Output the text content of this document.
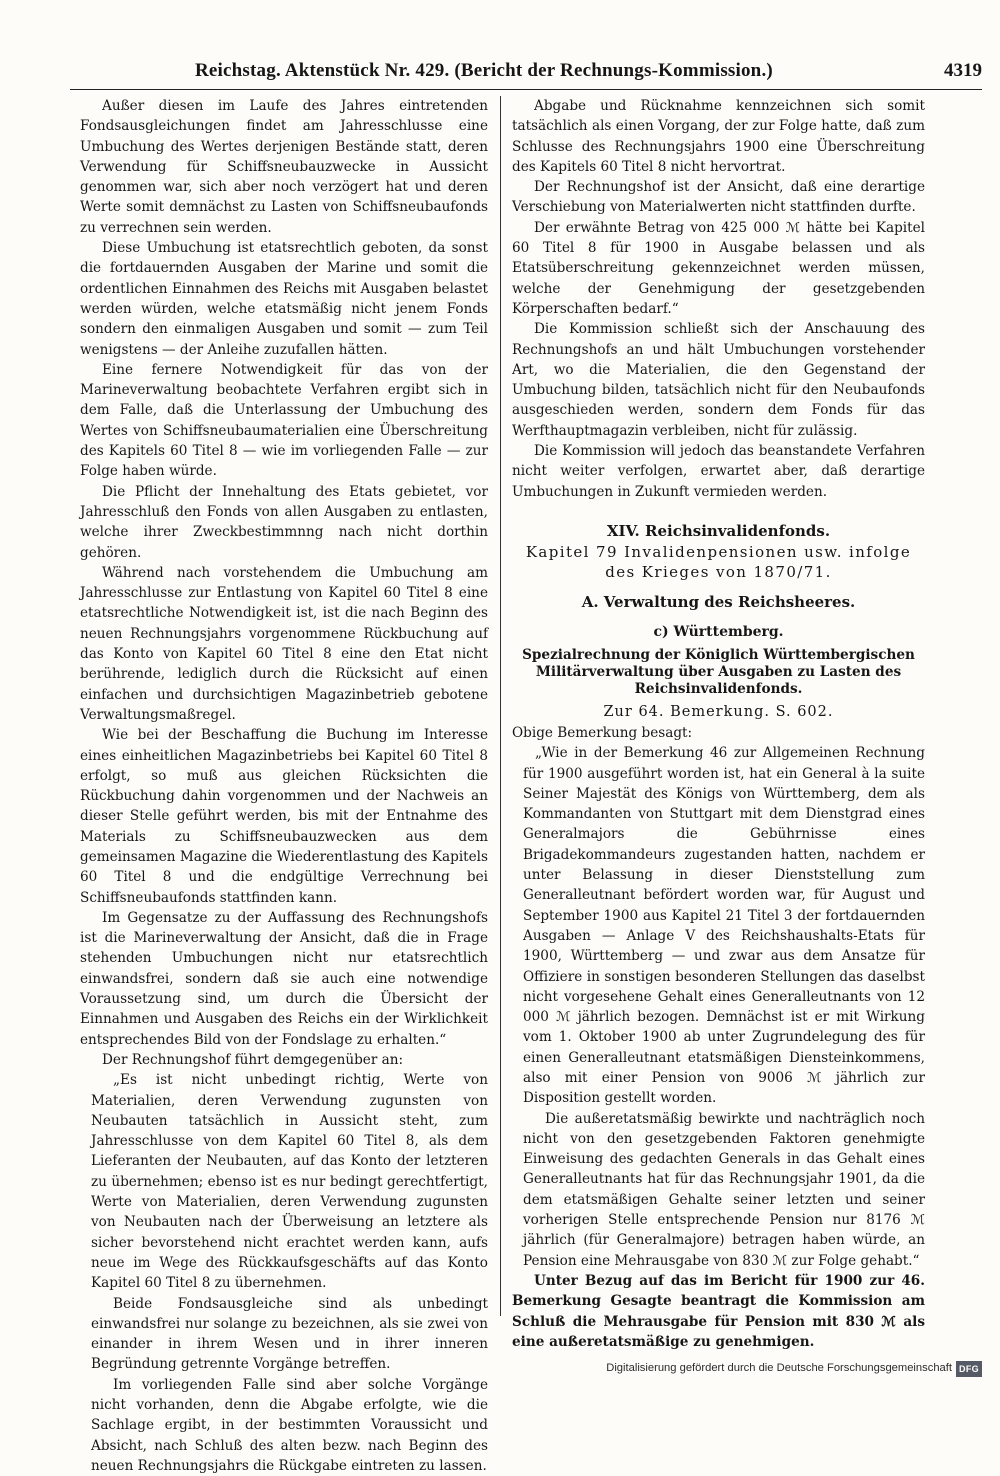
Reichstag. Aktenstück Nr. 429. (Bericht der Rechnungs-Kommission.)	4319

Außer diesen im Laufe des Jahres eintretenden Fondsausgleichungen findet am Jahresschlusse eine Umbuchung des Wertes derjenigen Bestände statt, deren Verwendung für Schiffsneubauzwecke in Aussicht genommen war, sich aber noch verzögert hat und deren Werte somit demnächst zu Lasten von Schiffsneubaufonds zu verrechnen sein werden.

Diese Umbuchung ist etatsrechtlich geboten, da sonst die fortdauernden Ausgaben der Marine und somit die ordentlichen Einnahmen des Reichs mit Ausgaben belastet werden würden, welche etatsmäßig nicht jenem Fonds sondern den einmaligen Ausgaben und somit — zum Teil wenigstens — der Anleihe zuzufallen hätten.

Eine fernere Notwendigkeit für das von der Marineverwaltung beobachtete Verfahren ergibt sich in dem Falle, daß die Unterlassung der Umbuchung des Wertes von Schiffsneubaumaterialien eine Überschreitung des Kapitels 60 Titel 8 — wie im vorliegenden Falle — zur Folge haben würde.

Die Pflicht der Innehaltung des Etats gebietet, vor Jahresschluß den Fonds von allen Ausgaben zu entlasten, welche ihrer Zweckbestimmnng nach nicht dorthin gehören.

Während nach vorstehendem die Umbuchung am Jahresschlusse zur Entlastung von Kapitel 60 Titel 8 eine etatsrechtliche Notwendigkeit ist, ist die nach Beginn des neuen Rechnungsjahrs vorgenommene Rückbuchung auf das Konto von Kapitel 60 Titel 8 eine den Etat nicht berührende, lediglich durch die Rücksicht auf einen einfachen und durchsichtigen Magazinbetrieb gebotene Verwaltungsmaßregel.

Wie bei der Beschaffung die Buchung im Interesse eines einheitlichen Magazinbetriebs bei Kapitel 60 Titel 8 erfolgt, so muß aus gleichen Rücksichten die Rückbuchung dahin vorgenommen und der Nachweis an dieser Stelle geführt werden, bis mit der Entnahme des Materials zu Schiffsneubauzwecken aus dem gemeinsamen Magazine die Wiederentlastung des Kapitels 60 Titel 8 und die endgültige Verrechnung bei Schiffsneubaufonds stattfinden kann.

Im Gegensatze zu der Auffassung des Rechnungshofs ist die Marineverwaltung der Ansicht, daß die in Frage stehenden Umbuchungen nicht nur etatsrechtlich einwandsfrei, sondern daß sie auch eine notwendige Voraussetzung sind, um durch die Übersicht der Einnahmen und Ausgaben des Reichs ein der Wirklichkeit entsprechendes Bild von der Fondslage zu erhalten.“

Der Rechnungshof führt demgegenüber an:

„Es ist nicht unbedingt richtig, Werte von Materialien, deren Verwendung zugunsten von Neubauten tatsächlich in Aussicht steht, zum Jahresschlusse von dem Kapitel 60 Titel 8, als dem Lieferanten der Neubauten, auf das Konto der letzteren zu übernehmen; ebenso ist es nur bedingt gerechtfertigt, Werte von Materialien, deren Verwendung zugunsten von Neubauten nach der Überweisung an letztere als sicher bevorstehend nicht erachtet werden kann, aufs neue im Wege des Rückkaufsgeschäfts auf das Konto Kapitel 60 Titel 8 zu übernehmen.

Beide Fondsausgleiche sind als unbedingt einwandsfrei nur solange zu bezeichnen, als sie zwei von einander in ihrem Wesen und in ihrer inneren Begründung getrennte Vorgänge betreffen.

Im vorliegenden Falle sind aber solche Vorgänge nicht vorhanden, denn die Abgabe erfolgte, wie die Sachlage ergibt, in der bestimmten Voraussicht und Absicht, nach Schluß des alten bezw. nach Beginn des neuen Rechnungsjahrs die Rückgabe eintreten zu lassen.

Abgabe und Rücknahme kennzeichnen sich somit tatsächlich als einen Vorgang, der zur Folge hatte, daß zum Schlusse des Rechnungsjahrs 1900 eine Überschreitung des Kapitels 60 Titel 8 nicht hervortrat.

Der Rechnungshof ist der Ansicht, daß eine derartige Verschiebung von Materialwerten nicht stattfinden durfte.

Der erwähnte Betrag von 425 000 ℳ hätte bei Kapitel 60 Titel 8 für 1900 in Ausgabe belassen und als Etatsüberschreitung gekennzeichnet werden müssen, welche der Genehmigung der gesetzgebenden Körperschaften bedarf.“

Die Kommission schließt sich der Anschauung des Rechnungshofs an und hält Umbuchungen vorstehender Art, wo die Materialien, die den Gegenstand der Umbuchung bilden, tatsächlich nicht für den Neubaufonds ausgeschieden werden, sondern dem Fonds für das Werfthauptmagazin verbleiben, nicht für zulässig.

Die Kommission will jedoch das beanstandete Verfahren nicht weiter verfolgen, erwartet aber, daß derartige Umbuchungen in Zukunft vermieden werden.

XIV. Reichsinvalidenfonds.
Kapitel 79 Invalidenpensionen usw. infolge des Krieges von 1870/71.
A. Verwaltung des Reichsheeres.
c) Württemberg.
Spezialrechnung der Königlich Württembergischen Militärverwaltung über Ausgaben zu Lasten des Reichsinvalidenfonds.
Zur 64. Bemerkung. S. 602.

Obige Bemerkung besagt:

„Wie in der Bemerkung 46 zur Allgemeinen Rechnung für 1900 ausgeführt worden ist, hat ein General à la suite Seiner Majestät des Königs von Württemberg, dem als Kommandanten von Stuttgart mit dem Dienstgrad eines Generalmajors die Gebührnisse eines Brigadekommandeurs zugestanden hatten, nachdem er unter Belassung in dieser Dienststellung zum Generalleutnant befördert worden war, für August und September 1900 aus Kapitel 21 Titel 3 der fortdauernden Ausgaben — Anlage V des Reichshaushalts-Etats für 1900, Württemberg — und zwar aus dem Ansatze für Offiziere in sonstigen besonderen Stellungen das daselbst nicht vorgesehene Gehalt eines Generalleutnants von 12 000 ℳ jährlich bezogen. Demnächst ist er mit Wirkung vom 1. Oktober 1900 ab unter Zugrundelegung des für einen Generalleutnant etatsmäßigen Diensteinkommens, also mit einer Pension von 9006 ℳ jährlich zur Disposition gestellt worden.

Die außeretatsmäßig bewirkte und nachträglich noch nicht von den gesetzgebenden Faktoren genehmigte Einweisung des gedachten Generals in das Gehalt eines Generalleutnants hat für das Rechnungsjahr 1901, da die dem etatsmäßigen Gehalte seiner letzten und seiner vorherigen Stelle entsprechende Pension nur 8176 ℳ jährlich (für Generalmajore) betragen haben würde, an Pension eine Mehrausgabe von 830 ℳ zur Folge gehabt.“

Unter Bezug auf das im Bericht für 1900 zur 46. Bemerkung Gesagte beantragt die Kommission am Schluß die Mehrausgabe für Pension mit 830 ℳ als eine außeretatsmäßige zu genehmigen.

Digitalisierung gefördert durch die Deutsche Forschungsgemeinschaft DFG
